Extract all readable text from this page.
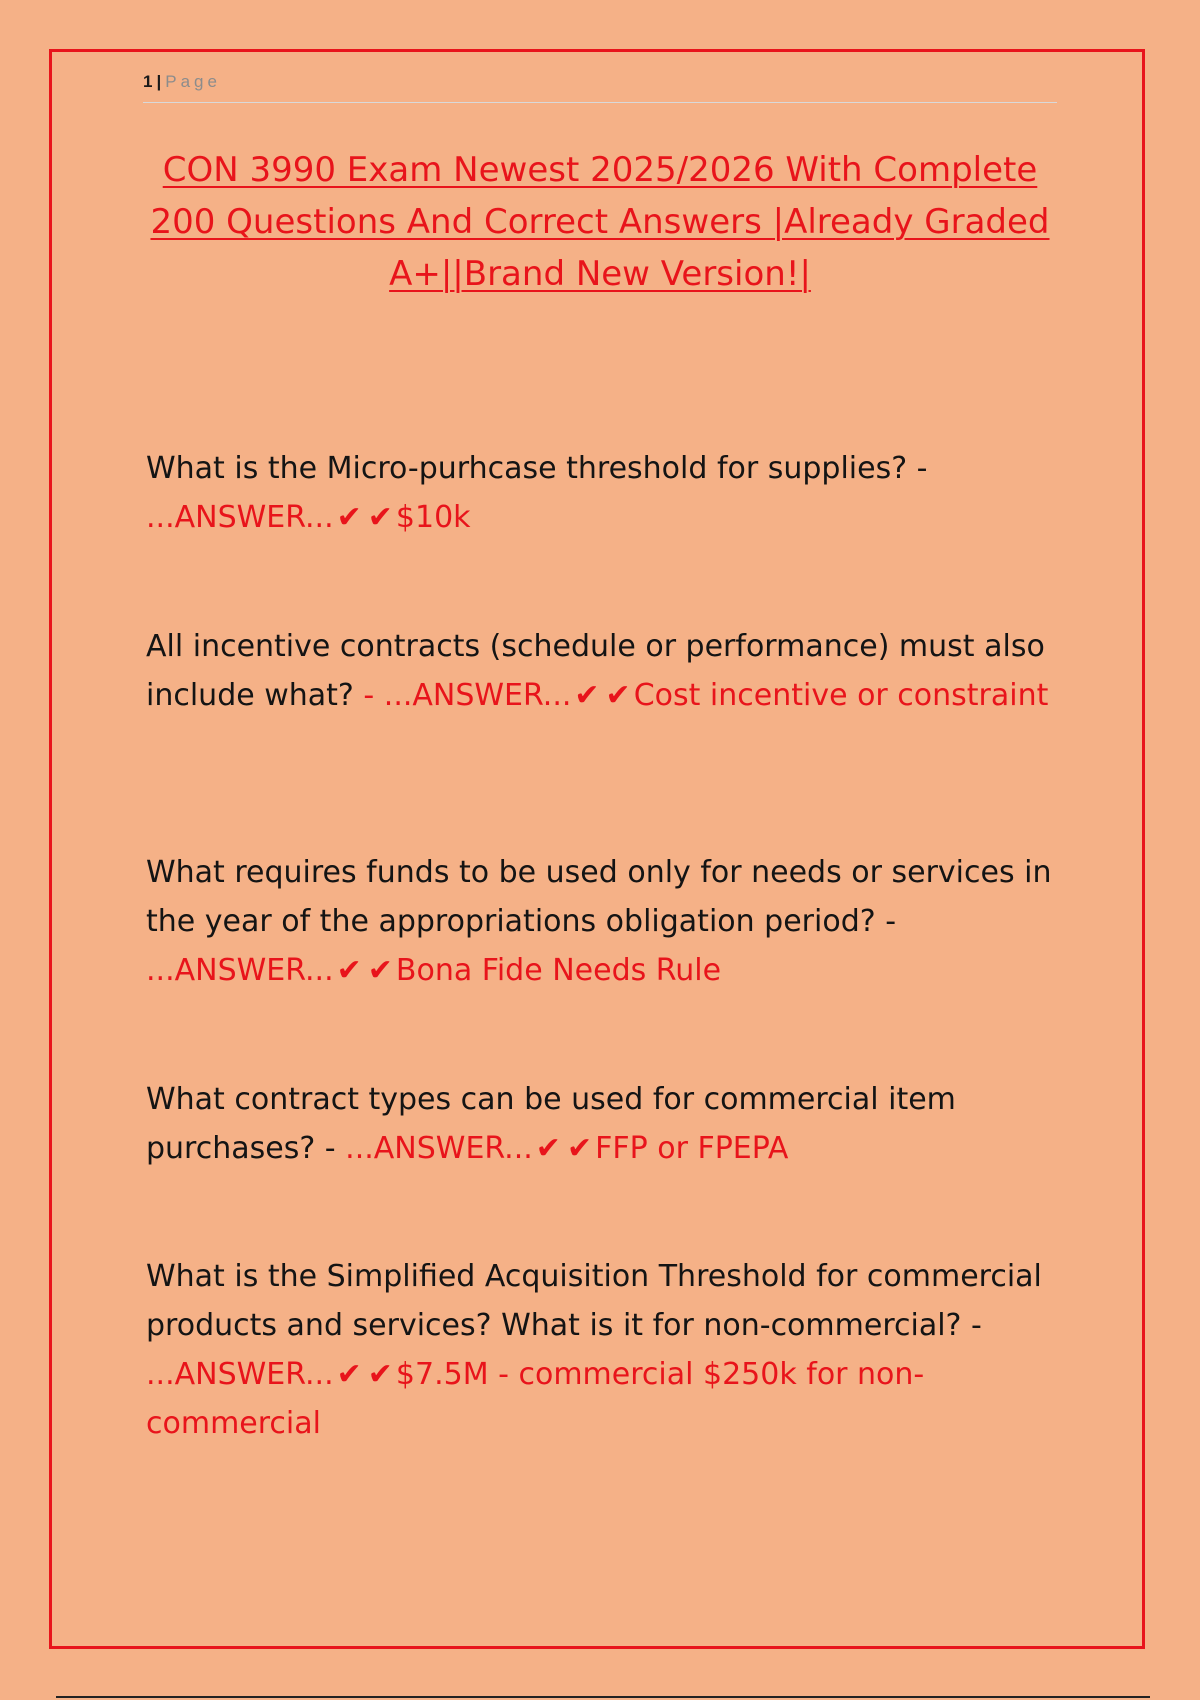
1 | Page
CON 3990 Exam Newest 2025/2026 With Complete 200 Questions And Correct Answers |Already Graded A+||Brand New Version!|

What is the Micro-purhcase threshold for supplies? - ...ANSWER... ✔ ✔ $10k

All incentive contracts (schedule or performance) must also include what? - ...ANSWER... ✔ ✔ Cost incentive or constraint

What requires funds to be used only for needs or services in the year of the appropriations obligation period? - ...ANSWER... ✔ ✔ Bona Fide Needs Rule

What contract types can be used for commercial item purchases? - ...ANSWER... ✔ ✔ FFP or FPEPA

What is the Simplified Acquisition Threshold for commercial products and services? What is it for non-commercial? - ...ANSWER... ✔ ✔ $7.5M - commercial $250k for non-commercial
